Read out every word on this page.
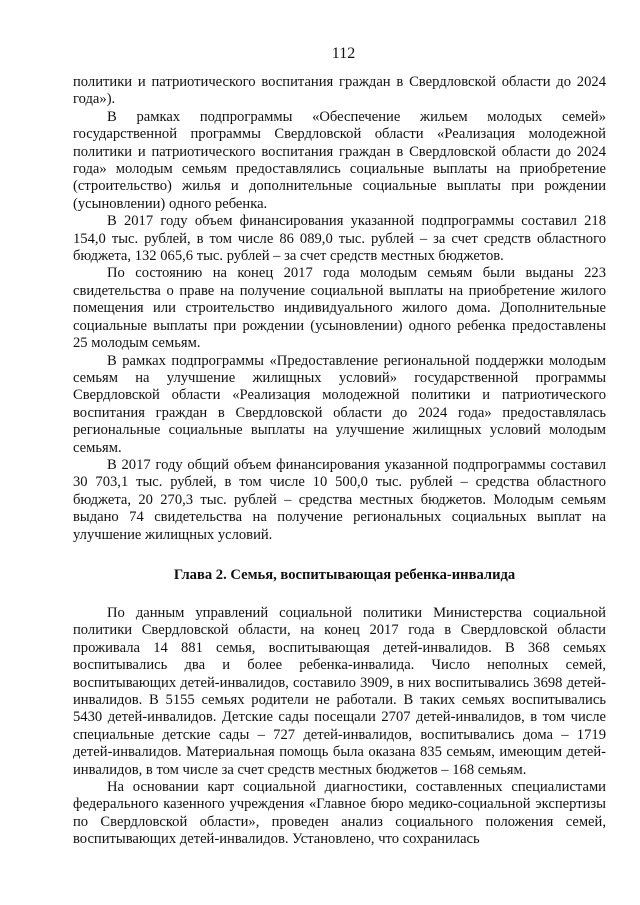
112

политики и патриотического воспитания граждан в Свердловской области до 2024 года»).

В рамках подпрограммы «Обеспечение жильем молодых семей» государственной программы Свердловской области «Реализация молодежной политики и патриотического воспитания граждан в Свердловской области до 2024 года» молодым семьям предоставлялись социальные выплаты на приобретение (строительство) жилья и дополнительные социальные выплаты при рождении (усыновлении) одного ребенка.

В 2017 году объем финансирования указанной подпрограммы составил 218 154,0 тыс. рублей, в том числе 86 089,0 тыс. рублей – за счет средств областного бюджета, 132 065,6 тыс. рублей – за счет средств местных бюджетов.

По состоянию на конец 2017 года молодым семьям были выданы 223 свидетельства о праве на получение социальной выплаты на приобретение жилого помещения или строительство индивидуального жилого дома. Дополнительные социальные выплаты при рождении (усыновлении) одного ребенка предоставлены 25 молодым семьям.

В рамках подпрограммы «Предоставление региональной поддержки молодым семьям на улучшение жилищных условий» государственной программы Свердловской области «Реализация молодежной политики и патриотического воспитания граждан в Свердловской области до 2024 года» предоставлялась региональные социальные выплаты на улучшение жилищных условий молодым семьям.

В 2017 году общий объем финансирования указанной подпрограммы составил 30 703,1 тыс. рублей, в том числе 10 500,0 тыс. рублей – средства областного бюджета, 20 270,3 тыс. рублей – средства местных бюджетов. Молодым семьям выдано 74 свидетельства на получение региональных социальных выплат на улучшение жилищных условий.

Глава 2. Семья, воспитывающая ребенка-инвалида

По данным управлений социальной политики Министерства социальной политики Свердловской области, на конец 2017 года в Свердловской области проживала 14 881 семья, воспитывающая детей-инвалидов. В 368 семьях воспитывались два и более ребенка-инвалида. Число неполных семей, воспитывающих детей-инвалидов, составило 3909, в них воспитывались 3698 детей-инвалидов. В 5155 семьях родители не работали. В таких семьях воспитывались 5430 детей-инвалидов. Детские сады посещали 2707 детей-инвалидов, в том числе специальные детские сады – 727 детей-инвалидов, воспитывались дома – 1719 детей-инвалидов. Материальная помощь была оказана 835 семьям, имеющим детей-инвалидов, в том числе за счет средств местных бюджетов – 168 семьям.

На основании карт социальной диагностики, составленных специалистами федерального казенного учреждения «Главное бюро медико-социальной экспертизы по Свердловской области», проведен анализ социального положения семей, воспитывающих детей-инвалидов. Установлено, что сохранилась
